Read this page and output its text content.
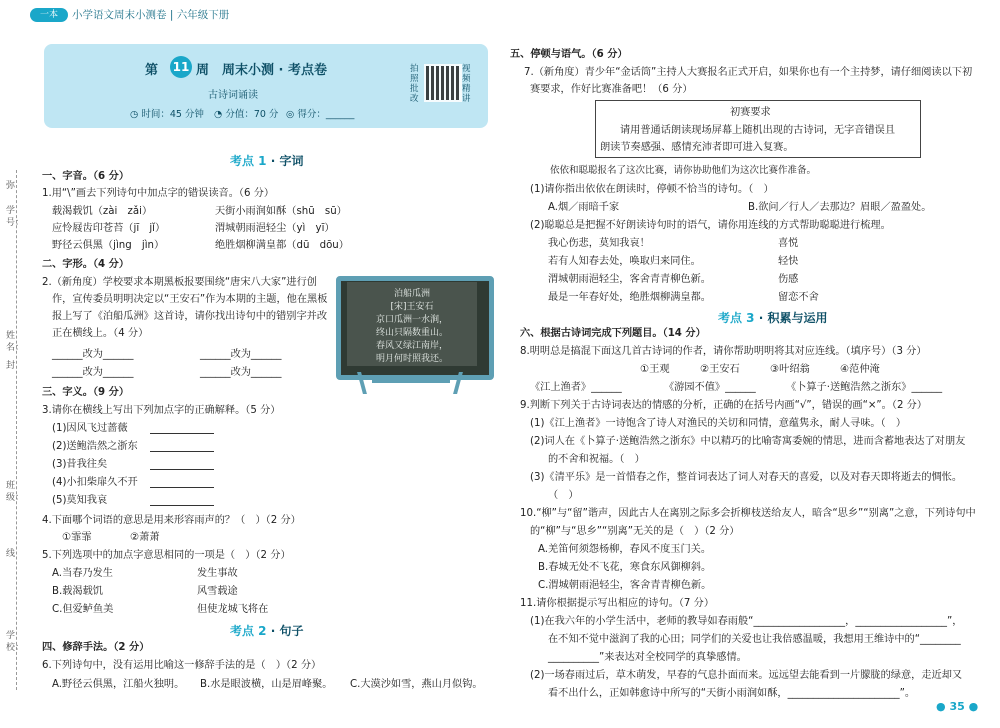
一本	小学语文周末小测卷 | 六年级下册
弥
学号：
姓名：
封
班级：
线
学校：
第 11 周 周末小测 · 考点卷
古诗词诵读
◷ 时间：45 分钟 ◔ 分值：70 分 ◎ 得分：______
拍照批改
视频精讲
考点 1 · 字词
一、字音。（6 分）
1.用“\”画去下列诗句中加点字的错误读音。（6 分）
载渴载饥（zài　zǎi）	天街小雨润如酥（shū　sū）
应怜屐齿印苍苔（jī　jǐ）	渭城朝雨浥轻尘（yì　yī）
野径云俱黑（jìng　jìn）	绝胜烟柳满皇都（dū　dōu）
二、字形。（4 分）
2.（新角度）学校要求本期黑板报要围绕“唐宋八大家”进行创
作，宣传委员明明决定以“王安石”作为本期的主题，他在黑板
报上写了《泊船瓜洲》这首诗，请你找出诗句中的错别字并改
正在横线上。（4 分）
______改为______	______改为______
______改为______	______改为______
泊船瓜洲
[宋]王安石
京口瓜洲一水涧，
终山只隔数重山。
春风又绿江南岸，
明月何时照我还。
三、字义。（9 分）
3.请你在横线上写出下列加点字的正确解释。（5 分）
(1)因风飞过蔷薇
(2)送鲍浩然之浙东
(3)昔我往矣
(4)小扣柴扉久不开
(5)莫知我哀
4.下面哪个词语的意思是用来形容雨声的？（　）（2 分）
①霏霏	②萧萧
5.下列选项中的加点字意思相同的一项是（　）（2 分）
A.当春乃发生	发生事故
B.载渴载饥	风雪载途
C.但爱鲈鱼美	但使龙城飞将在
考点 2 · 句子
四、修辞手法。（2 分）
6.下列诗句中，没有运用比喻这一修辞手法的是（　）（2 分）
A.野径云俱黑，江船火独明。 B.水是眼波横，山是眉峰聚。 C.大漠沙如雪，燕山月似钩。
五、停顿与语气。（6 分）
7.（新角度）青少年“金话筒”主持人大赛报名正式开启，如果你也有一个主持梦，请仔细阅读以下初
赛要求，作好比赛准备吧！（6 分）
初赛要求
请用普通话朗读现场屏幕上随机出现的古诗词，无字音错误且
朗读节奏感强、感情充沛者即可进入复赛。
依依和聪聪报名了这次比赛，请你协助他们为这次比赛作准备。
(1)请你指出依依在朗读时，停顿不恰当的诗句。（　）
A.烟／雨暗千家	B.欲问／行人／去那边？眉眼／盈盈处。
(2)聪聪总是把握不好朗读诗句时的语气，请你用连线的方式帮助聪聪进行梳理。
我心伤悲，莫知我哀！	喜悦
若有人知春去处，唤取归来同住。	轻快
渭城朝雨浥轻尘，客舍青青柳色新。	伤感
最是一年春好处，绝胜烟柳满皇都。	留恋不舍
考点 3 · 积累与运用
六、根据古诗词完成下列题目。（14 分）
8.明明总是搞混下面这几首古诗词的作者，请你帮助明明将其对应连线。（填序号）（3 分）
①王观	②王安石	③叶绍翁	④范仲淹
《江上渔者》______	《游园不值》______	《卜算子·送鲍浩然之浙东》______
9.判断下列关于古诗词表达的情感的分析，正确的在括号内画“√”，错误的画“×”。（2 分）
(1)《江上渔者》一诗饱含了诗人对渔民的关切和同情，意蕴隽永，耐人寻味。（　）
(2)词人在《卜算子·送鲍浩然之浙东》中以精巧的比喻寄寓委婉的情思，进而含蓄地表达了对朋友
的不舍和祝福。（　）
(3)《清平乐》是一首惜春之作，整首词表达了词人对春天的喜爱，以及对春天即将逝去的惆怅。
（　）
10.“柳”与“留”谐声，因此古人在离别之际多会折柳枝送给友人，暗含“思乡”“别离”之意，下列诗句中
的“柳”与“思乡”“别离”无关的是（　）（2 分）
A.羌笛何须怨杨柳，春风不度玉门关。
B.春城无处不飞花，寒食东风御柳斜。
C.渭城朝雨浥轻尘，客舍青青柳色新。
11.请你根据提示写出相应的诗句。（7 分）
(1)在我六年的小学生活中，老师的教导如春雨般“__________________，__________________”，
在不知不觉中滋润了我的心田；同学们的关爱也让我倍感温暖，我想用王维诗中的“________
__________”来表达对全校同学的真挚感情。
(2)一场春雨过后，草木萌发，早春的气息扑面而来。远远望去能看到一片朦胧的绿意，走近却又
看不出什么，正如韩愈诗中所写的“天街小雨润如酥，______________________”。
● 35 ●
